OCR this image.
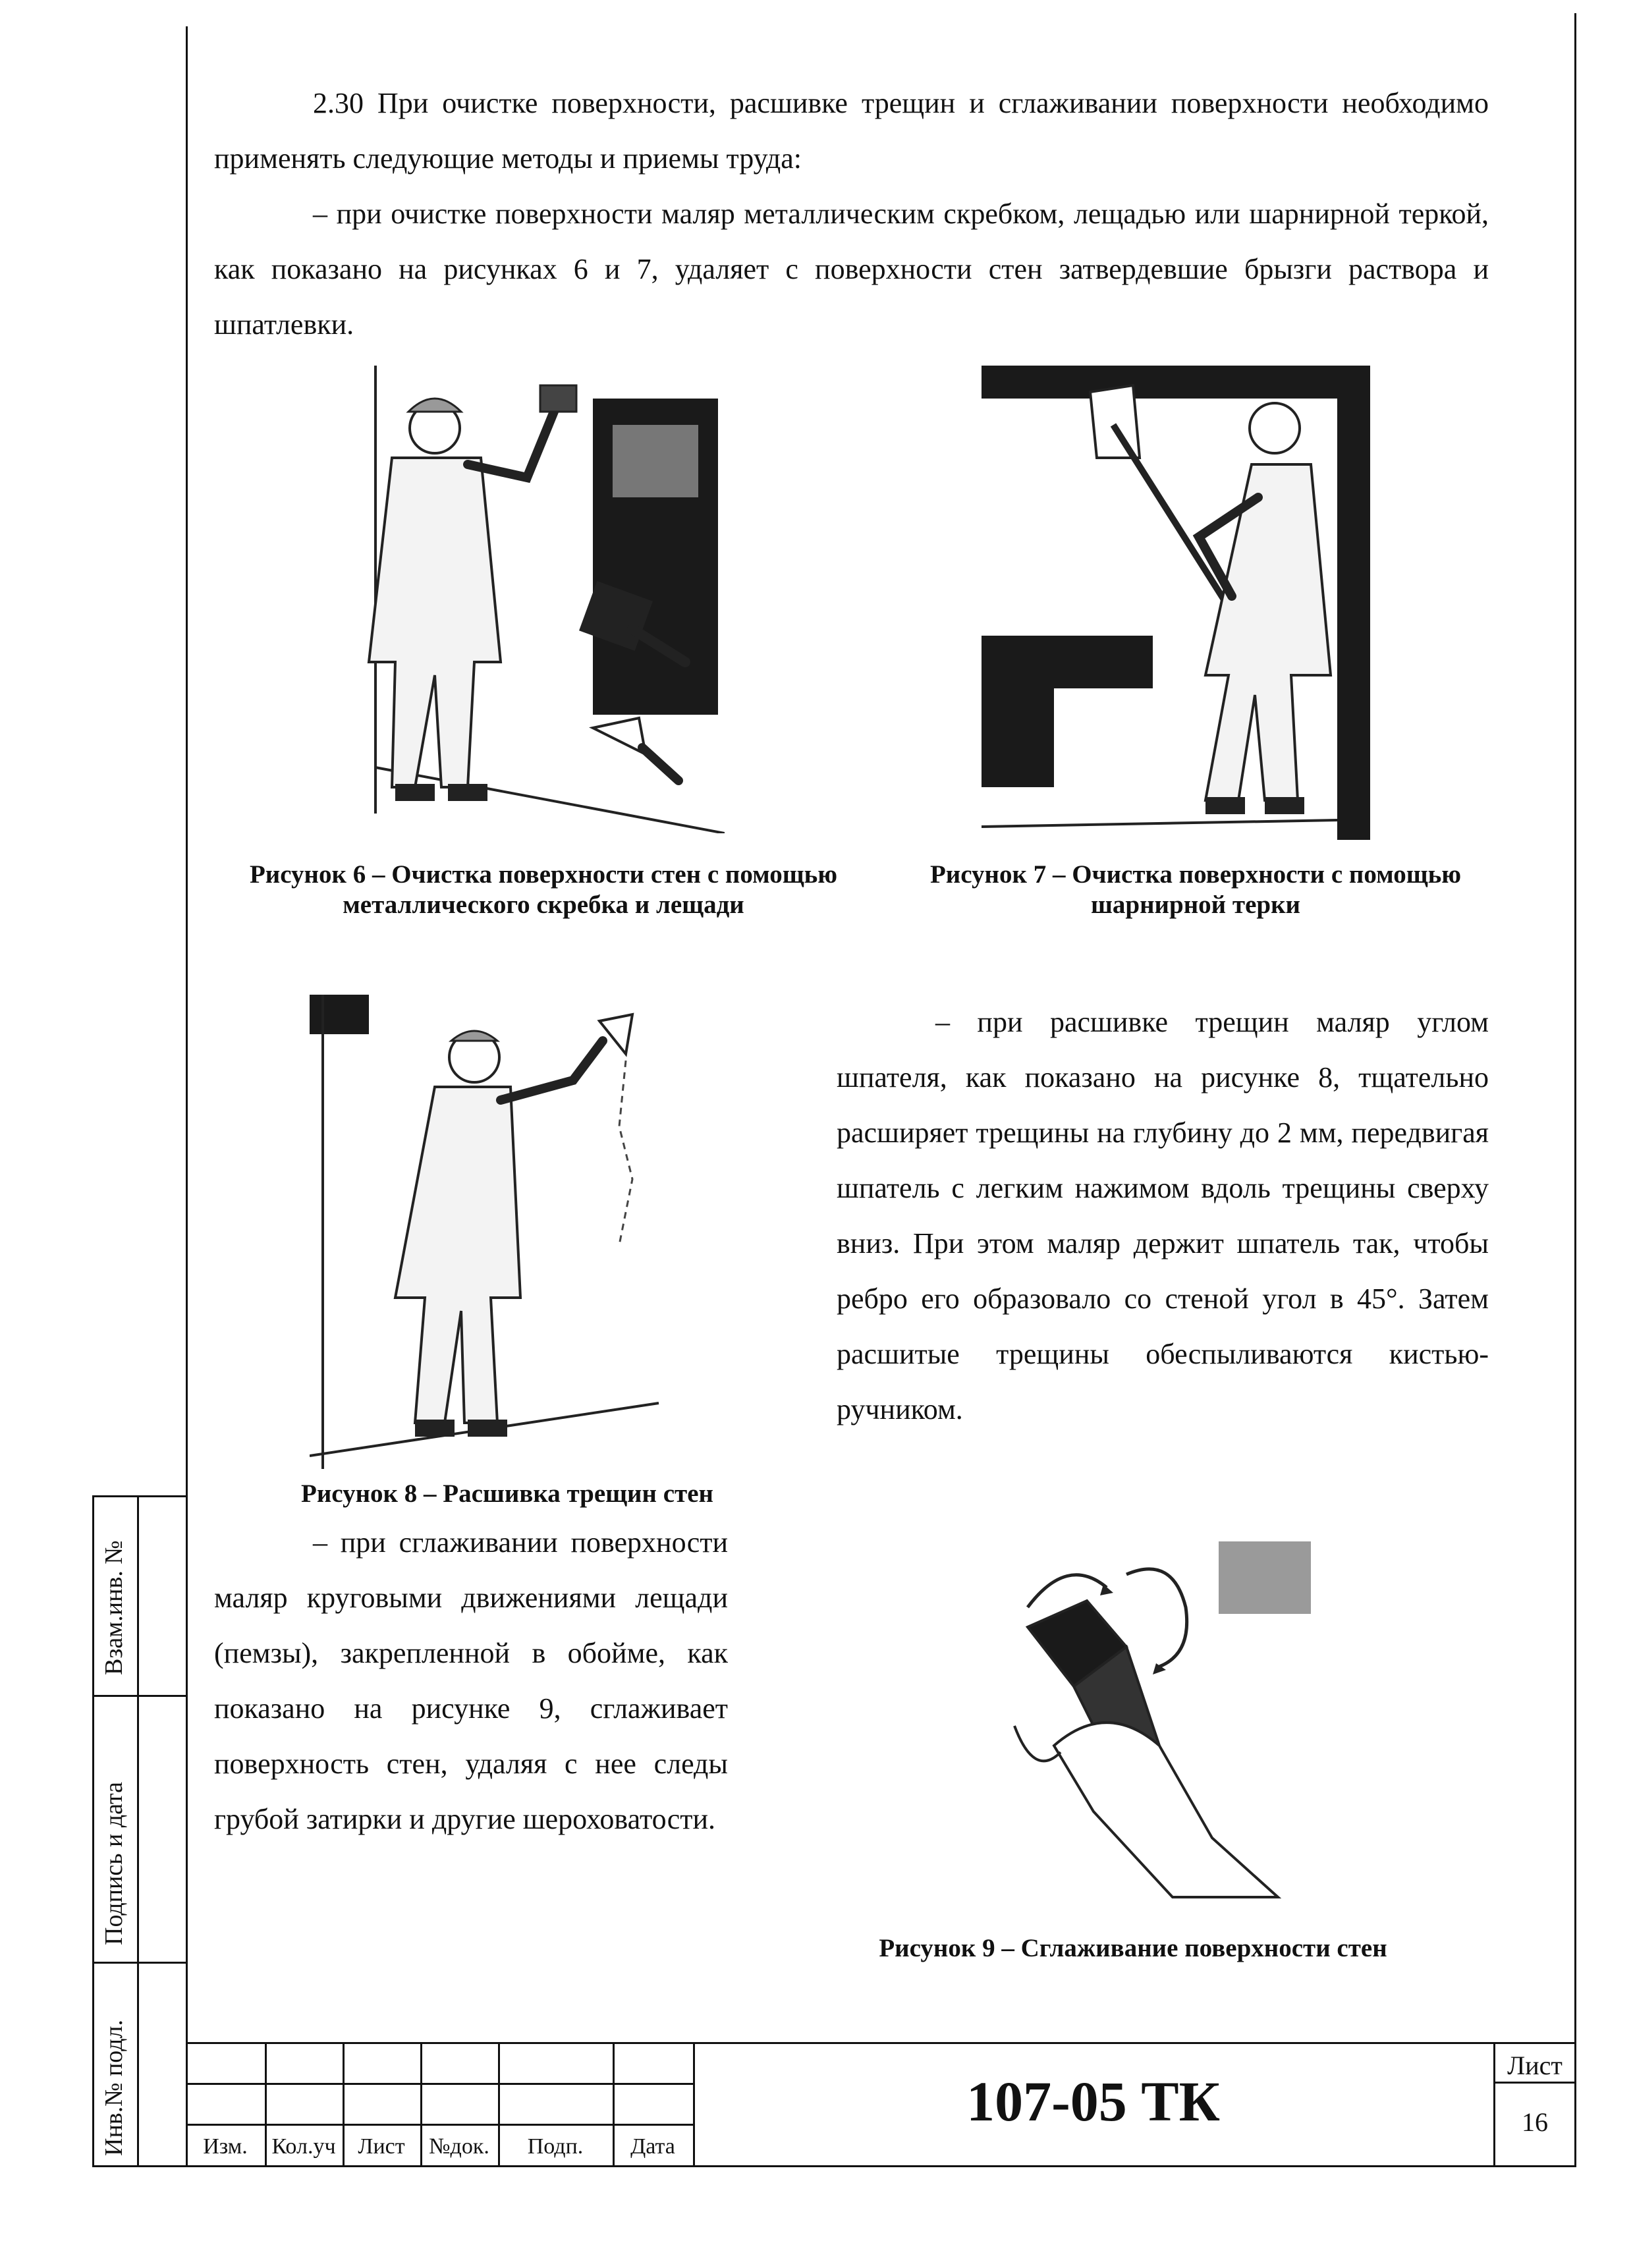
2.30 При очистке поверхности, расшивке трещин и сглаживании поверхности необходимо применять следующие методы и приемы труда:

– при очистке поверхности маляр металлическим скребком, лещадью или шарнирной теркой, как показано на рисунках 6 и 7, удаляет с поверхности стен затвердевшие брызги раствора и шпатлевки.

Рисунок 6 – Очистка поверхности стен с помощью металлического скребка и лещади
Рисунок 7 – Очистка поверхности с помощью шарнирной терки

– при расшивке трещин маляр углом шпателя, как показано на рисунке 8, тщательно расширяет трещины на глубину до 2 мм, передвигая шпатель с легким нажимом вдоль трещины сверху вниз. При этом маляр держит шпатель так, чтобы ребро его образовало со стеной угол в 45°. Затем расшитые трещины обеспыливаются кистью-ручником.

Рисунок 8 – Расшивка трещин стен

– при сглаживании поверхности маляр круговыми движениями лещади (пемзы), закрепленной в обойме, как показано на рисунке 9, сглаживает поверхность стен, удаляя с нее следы грубой затирки и другие шероховатости.

Рисунок 9 – Сглаживание поверхности стен
Взам.инв. №
Подпись и дата
Инв.№ подл.	Изм.	Кол.уч Лист	№док.	Подп.	Дата
107-05 ТК
Лист
16
